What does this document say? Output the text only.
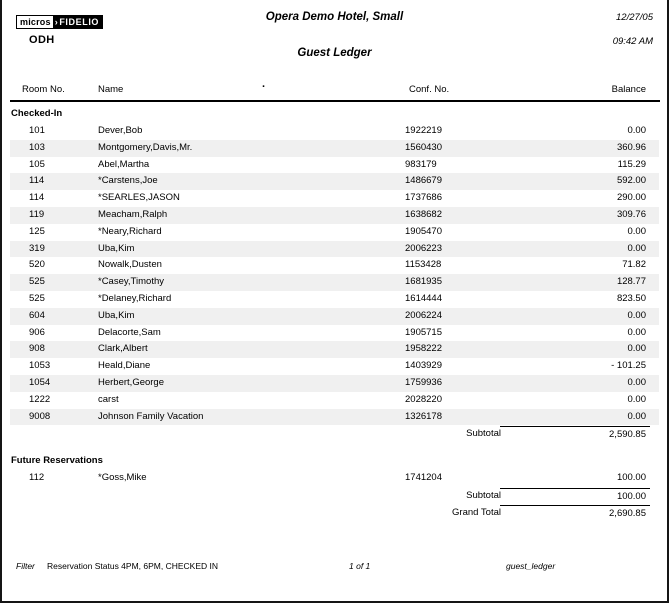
micros › FIDELIO
ODH
Opera Demo Hotel, Small
Guest Ledger
12/27/05
09:42 AM
.
Room No.	Name	Conf. No.	Balance
Checked-In
101	Dever,Bob	1922219	0.00
103	Montgomery,Davis,Mr.	1560430	360.96
105	Abel,Martha	983179	115.29
114	*Carstens,Joe	1486679	592.00
114	*SEARLES,JASON	1737686	290.00
119	Meacham,Ralph	1638682	309.76
125	*Neary,Richard	1905470	0.00
319	Uba,Kim	2006223	0.00
520	Nowalk,Dusten	1153428	71.82
525	*Casey,Timothy	1681935	128.77
525	*Delaney,Richard	1614444	823.50
604	Uba,Kim	2006224	0.00
906	Delacorte,Sam	1905715	0.00
908	Clark,Albert	1958222	0.00
1053	Heald,Diane	1403929	- 101.25
1054	Herbert,George	1759936	0.00
1222	carst	2028220	0.00
9008	Johnson Family Vacation	1326178	0.00
Subtotal	2,590.85
Future Reservations
112	*Goss,Mike	1741204	100.00
Subtotal	100.00
Grand Total	2,690.85
Filter Reservation Status 4PM, 6PM, CHECKED IN	1 of 1	guest_ledger
